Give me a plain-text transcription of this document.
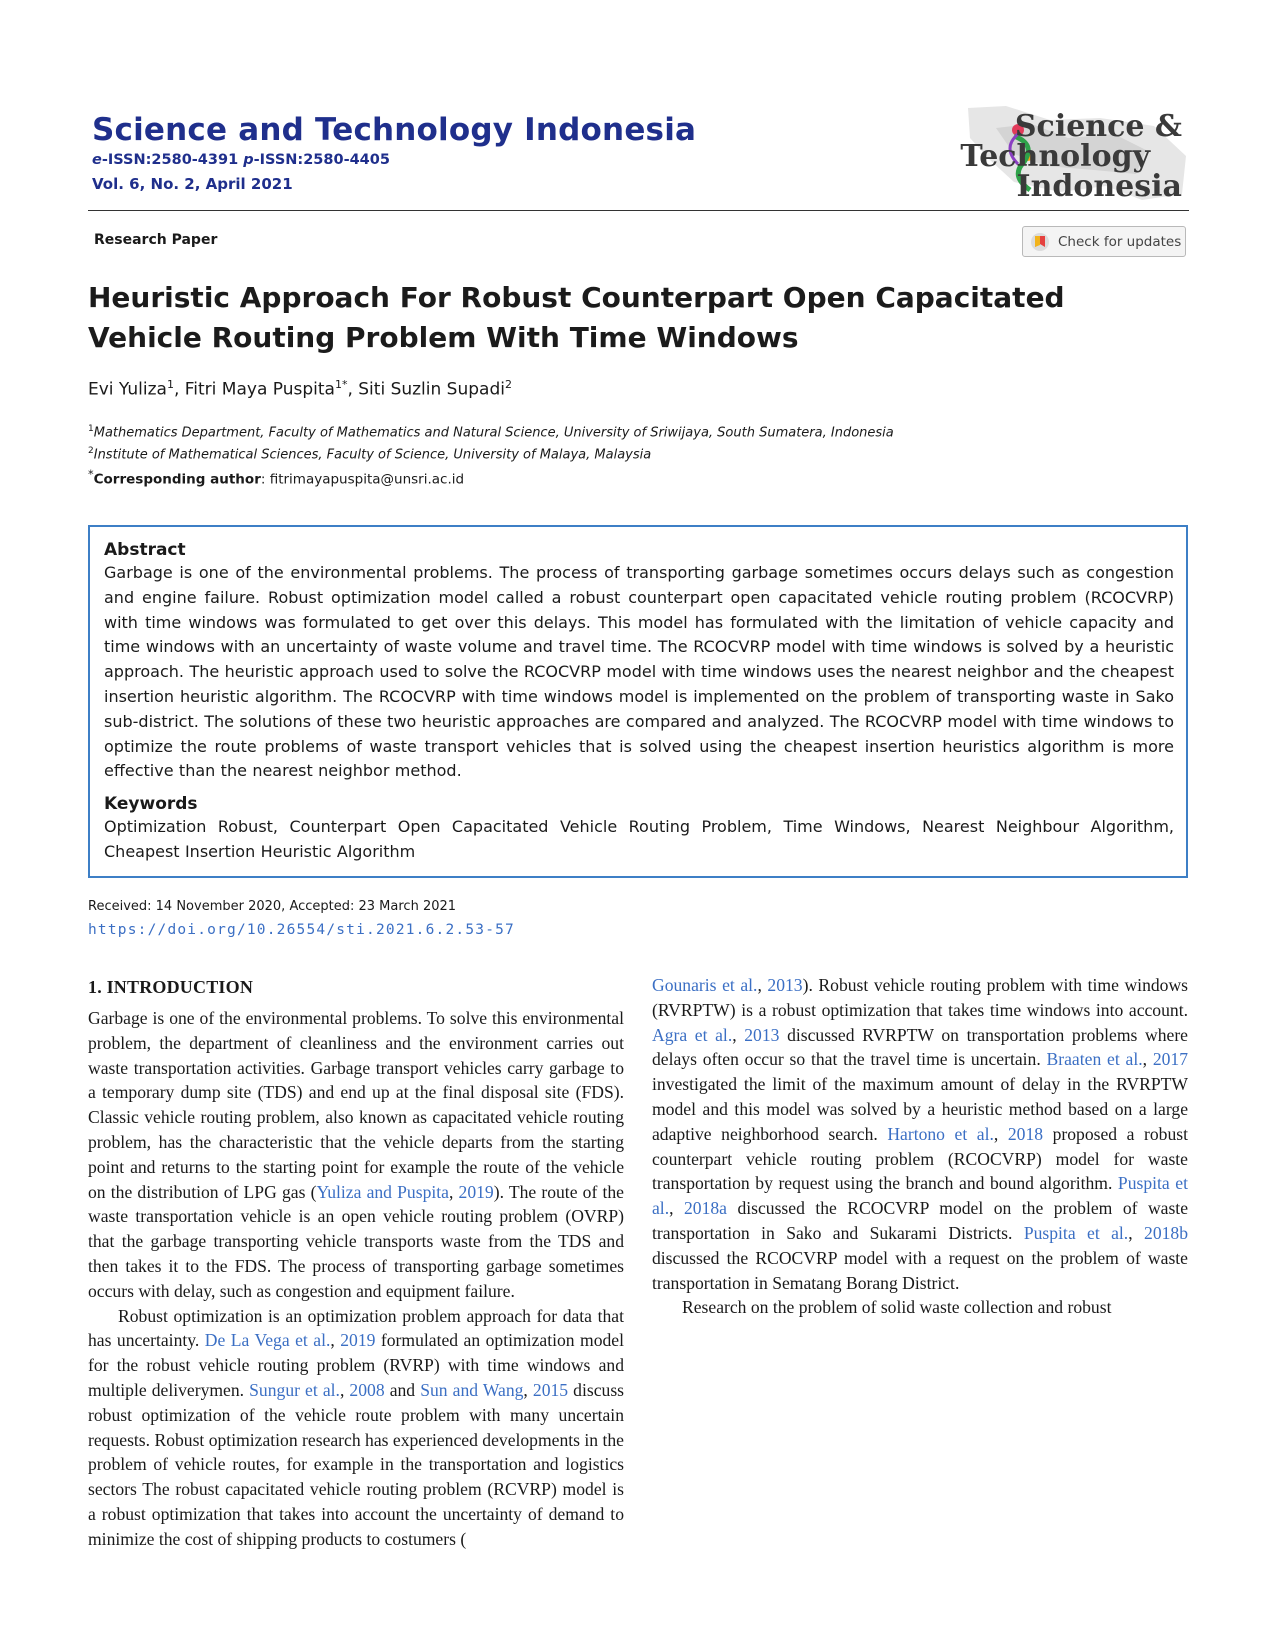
Science and Technology Indonesia
e-ISSN:2580-4391 p-ISSN:2580-4405
Vol. 6, No. 2, April 2021
Science &
Technology
Indonesia
Research Paper	Check for updates
Heuristic Approach For Robust Counterpart Open Capacitated Vehicle Routing Problem With Time Windows
Evi Yuliza$^1$, Fitri Maya Puspita$^{1*}$, Siti Suzlin Supadi$^2$
$^1$Mathematics Department, Faculty of Mathematics and Natural Science, University of Sriwijaya, South Sumatera, Indonesia
$^2$Institute of Mathematical Sciences, Faculty of Science, University of Malaya, Malaysia
*Corresponding author: fitrimayapuspita@unsri.ac.id
Abstract

Garbage is one of the environmental problems. The process of transporting garbage sometimes occurs delays such as congestion and engine failure. Robust optimization model called a robust counterpart open capacitated vehicle routing problem (RCOCVRP) with time windows was formulated to get over this delays. This model has formulated with the limitation of vehicle capacity and time windows with an uncertainty of waste volume and travel time. The RCOCVRP model with time windows is solved by a heuristic approach. The heuristic approach used to solve the RCOCVRP model with time windows uses the nearest neighbor and the cheapest insertion heuristic algorithm. The RCOCVRP with time windows model is implemented on the problem of transporting waste in Sako sub-district. The solutions of these two heuristic approaches are compared and analyzed. The RCOCVRP model with time windows to optimize the route problems of waste transport vehicles that is solved using the cheapest insertion heuristics algorithm is more effective than the nearest neighbor method.

Keywords

Optimization Robust, Counterpart Open Capacitated Vehicle Routing Problem, Time Windows, Nearest Neighbour Algorithm, Cheapest Insertion Heuristic Algorithm

Received: 14 November 2020, Accepted: 23 March 2021
https://doi.org/10.26554/sti.2021.6.2.53-57
1. INTRODUCTION

Garbage is one of the environmental problems. To solve this environmental problem, the department of cleanliness and the environment carries out waste transportation activities. Garbage transport vehicles carry garbage to a temporary dump site (TDS) and end up at the final disposal site (FDS). Classic vehicle routing problem, also known as capacitated vehicle routing problem, has the characteristic that the vehicle departs from the starting point and returns to the starting point for example the route of the vehicle on the distribution of LPG gas (Yuliza and Puspita, 2019). The route of the waste transportation vehicle is an open vehicle routing problem (OVRP) that the garbage transporting vehicle transports waste from the TDS and then takes it to the FDS. The process of transporting garbage sometimes occurs with delay, such as congestion and equipment failure.

Robust optimization is an optimization problem approach for data that has uncertainty. De La Vega et al., 2019 formulated an optimization model for the robust vehicle routing problem (RVRP) with time windows and multiple deliverymen. Sungur et al., 2008 and Sun and Wang, 2015 discuss robust optimization of the vehicle route problem with many uncertain requests. Robust optimization research has experienced developments in the problem of vehicle routes, for example in the transportation and logistics sectors The robust capacitated vehicle routing problem (RCVRP) model is a robust optimization that takes into account the uncertainty of demand to minimize the cost of shipping products to costumers (

Gounaris et al., 2013). Robust vehicle routing problem with time windows (RVRPTW) is a robust optimization that takes time windows into account. Agra et al., 2013 discussed RVRPTW on transportation problems where delays often occur so that the travel time is uncertain. Braaten et al., 2017 investigated the limit of the maximum amount of delay in the RVRPTW model and this model was solved by a heuristic method based on a large adaptive neighborhood search. Hartono et al., 2018 proposed a robust counterpart vehicle routing problem (RCOCVRP) model for waste transportation by request using the branch and bound algorithm. Puspita et al., 2018a discussed the RCOCVRP model on the problem of waste transportation in Sako and Sukarami Districts. Puspita et al., 2018b discussed the RCOCVRP model with a request on the problem of waste transportation in Sematang Borang District.

Research on the problem of solid waste collection and robust
